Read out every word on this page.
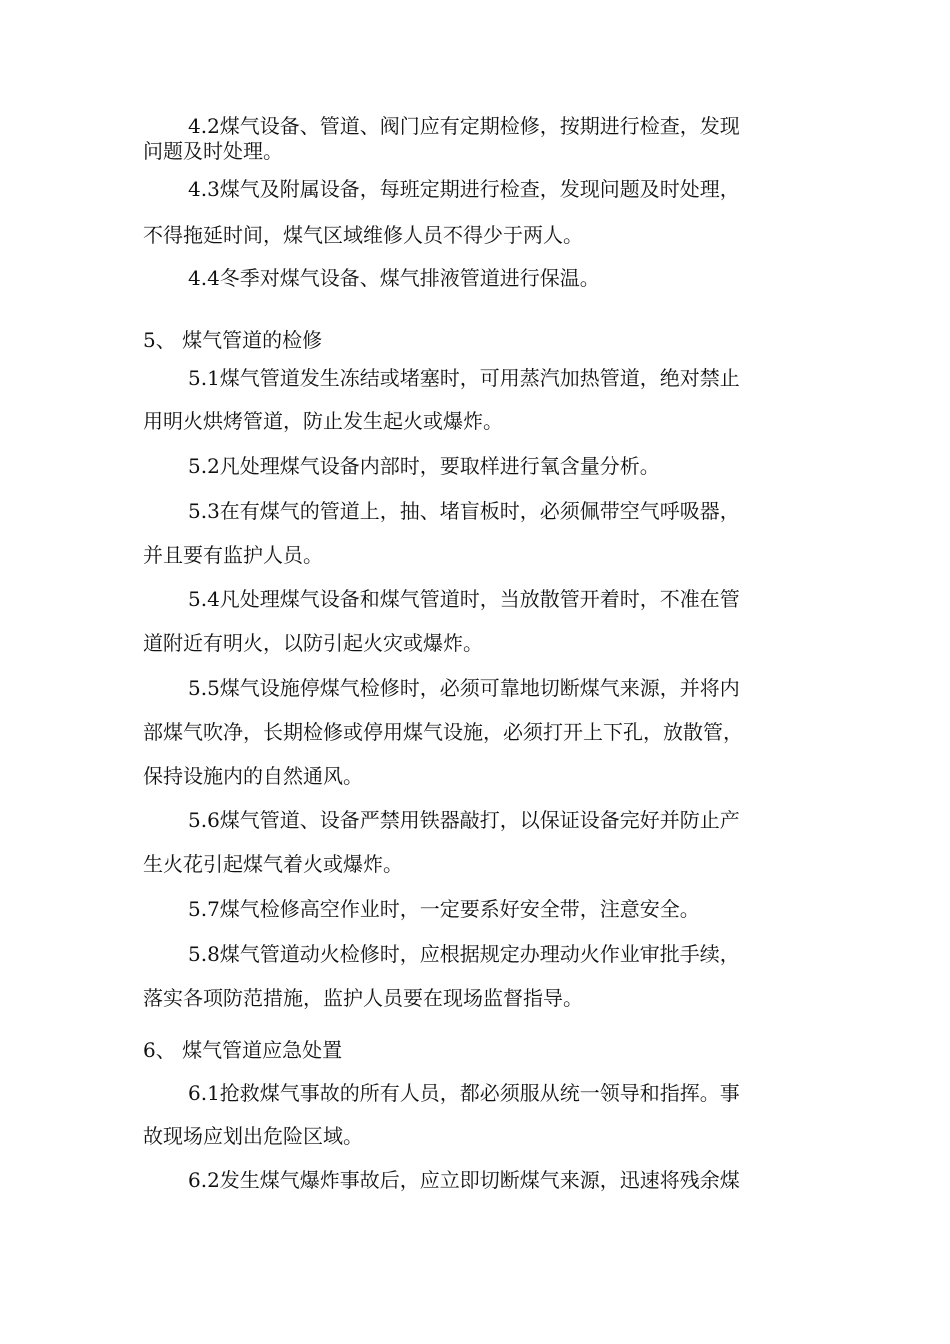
4.2煤气设备、管道、阀门应有定期检修，按期进行检查，发现
问题及时处理。
4.3煤气及附属设备，每班定期进行检查，发现问题及时处理，
不得拖延时间，煤气区域维修人员不得少于两人。
4.4冬季对煤气设备、煤气排液管道进行保温。
5、 煤气管道的检修
5.1煤气管道发生冻结或堵塞时，可用蒸汽加热管道，绝对禁止
用明火烘烤管道，防止发生起火或爆炸。
5.2凡处理煤气设备内部时，要取样进行氧含量分析。
5.3在有煤气的管道上，抽、堵盲板时，必须佩带空气呼吸器，
并且要有监护人员。
5.4凡处理煤气设备和煤气管道时，当放散管开着时，不准在管
道附近有明火，以防引起火灾或爆炸。
5.5煤气设施停煤气检修时，必须可靠地切断煤气来源，并将内
部煤气吹净，长期检修或停用煤气设施，必须打开上下孔，放散管，
保持设施内的自然通风。
5.6煤气管道、设备严禁用铁器敲打，以保证设备完好并防止产
生火花引起煤气着火或爆炸。
5.7煤气检修高空作业时，一定要系好安全带，注意安全。
5.8煤气管道动火检修时，应根据规定办理动火作业审批手续，
落实各项防范措施，监护人员要在现场监督指导。
6、 煤气管道应急处置
6.1抢救煤气事故的所有人员，都必须服从统一领导和指挥。事
故现场应划出危险区域。
6.2发生煤气爆炸事故后，应立即切断煤气来源，迅速将残余煤
